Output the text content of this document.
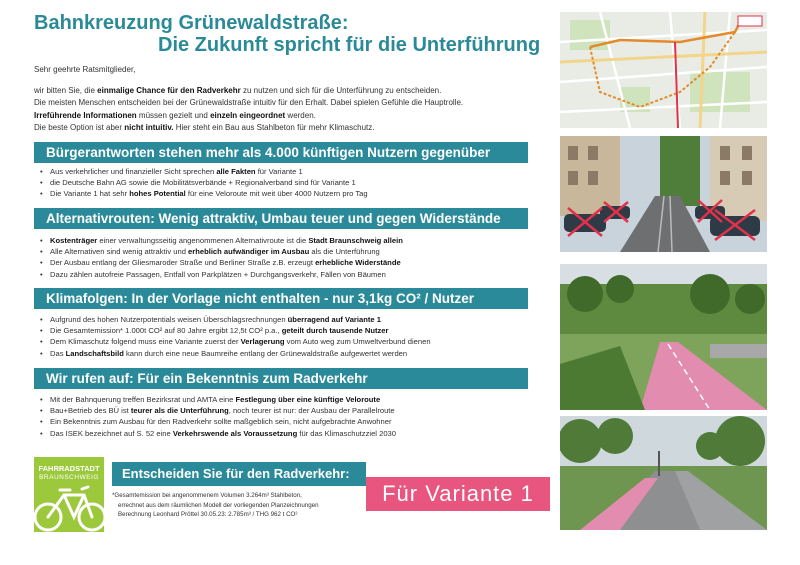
Bahnkreuzung Grünewaldstraße:
Die Zukunft spricht für die Unterführung

Sehr geehrte Ratsmitglieder,

wir bitten Sie, die einmalige Chance für den Radverkehr zu nutzen und sich für die Unterführung zu entscheiden.

Die meisten Menschen entscheiden bei der Grünewaldstraße intuitiv für den Erhalt. Dabei spielen Gefühle die Hauptrolle.

Irreführende Informationen müssen gezielt und einzeln eingeordnet werden.

Die beste Option ist aber nicht intuitiv. Hier steht ein Bau aus Stahlbeton für mehr Klimaschutz.

Bürgerantworten stehen mehr als 4.000 künftigen Nutzern gegenüber
• Aus verkehrlicher und finanzieller Sicht sprechen alle Fakten für Variante 1
• die Deutsche Bahn AG sowie die Mobilitätsverbände + Regionalverband sind für Variante 1
• Die Variante 1 hat sehr hohes Potential für eine Veloroute mit weit über 4000 Nutzern pro Tag
Alternativrouten: Wenig attraktiv, Umbau teuer und gegen Widerstände
• Kostenträger einer verwaltungsseitig angenommenen Alternativroute ist die Stadt Braunschweig allein
• Alle Alternativen sind wenig attraktiv und erheblich aufwändiger im Ausbau als die Unterführung
• Der Ausbau entlang der Gliesmaroder Straße und Berliner Straße z.B. erzeugt erhebliche Widerstände
• Dazu zählen autofreie Passagen, Entfall von Parkplätzen + Durchgangsverkehr, Fällen von Bäumen
Klimafolgen: In der Vorlage nicht enthalten - nur 3,1kg CO² / Nutzer
• Aufgrund des hohen Nutzerpotentials weisen Überschlagsrechnungen überragend auf Variante 1
• Die Gesamtemission* 1.000t CO² auf 80 Jahre ergibt 12,5t CO² p.a., geteilt durch tausende Nutzer
• Dem Klimaschutz folgend muss eine Variante zuerst der Verlagerung vom Auto weg zum Umweltverbund dienen
• Das Landschaftsbild kann durch eine neue Baumreihe entlang der Grünewaldstraße aufgewertet werden
Wir rufen auf: Für ein Bekenntnis zum Radverkehr
• Mit der Bahnquerung treffen Bezirksrat und AMTA eine Festlegung über eine künftige Veloroute
• Bau+Betrieb des BÜ ist teurer als die Unterführung, noch teurer ist nur: der Ausbau der Parallelroute
• Ein Bekenntnis zum Ausbau für den Radverkehr sollte maßgeblich sein, nicht aufgebrachte Anwohner
• Das ISEK bezeichnet auf S. 52 eine Verkehrswende als Voraussetzung für das Klimaschutzziel 2030
FAHRRADSTADT
BRAUNSCHWEIG	Entscheiden Sie für den Radverkehr:
Für Variante 1

*Gesamtemission bei angenommenem Volumen 3.264m³ Stahlbeton,

errechnet aus dem räumlichen Modell der vorliegenden Planzeichnungen

Berechnung Leonhard Pröttel 30.05.23: 2.785m³ / THG 962 t CO²
